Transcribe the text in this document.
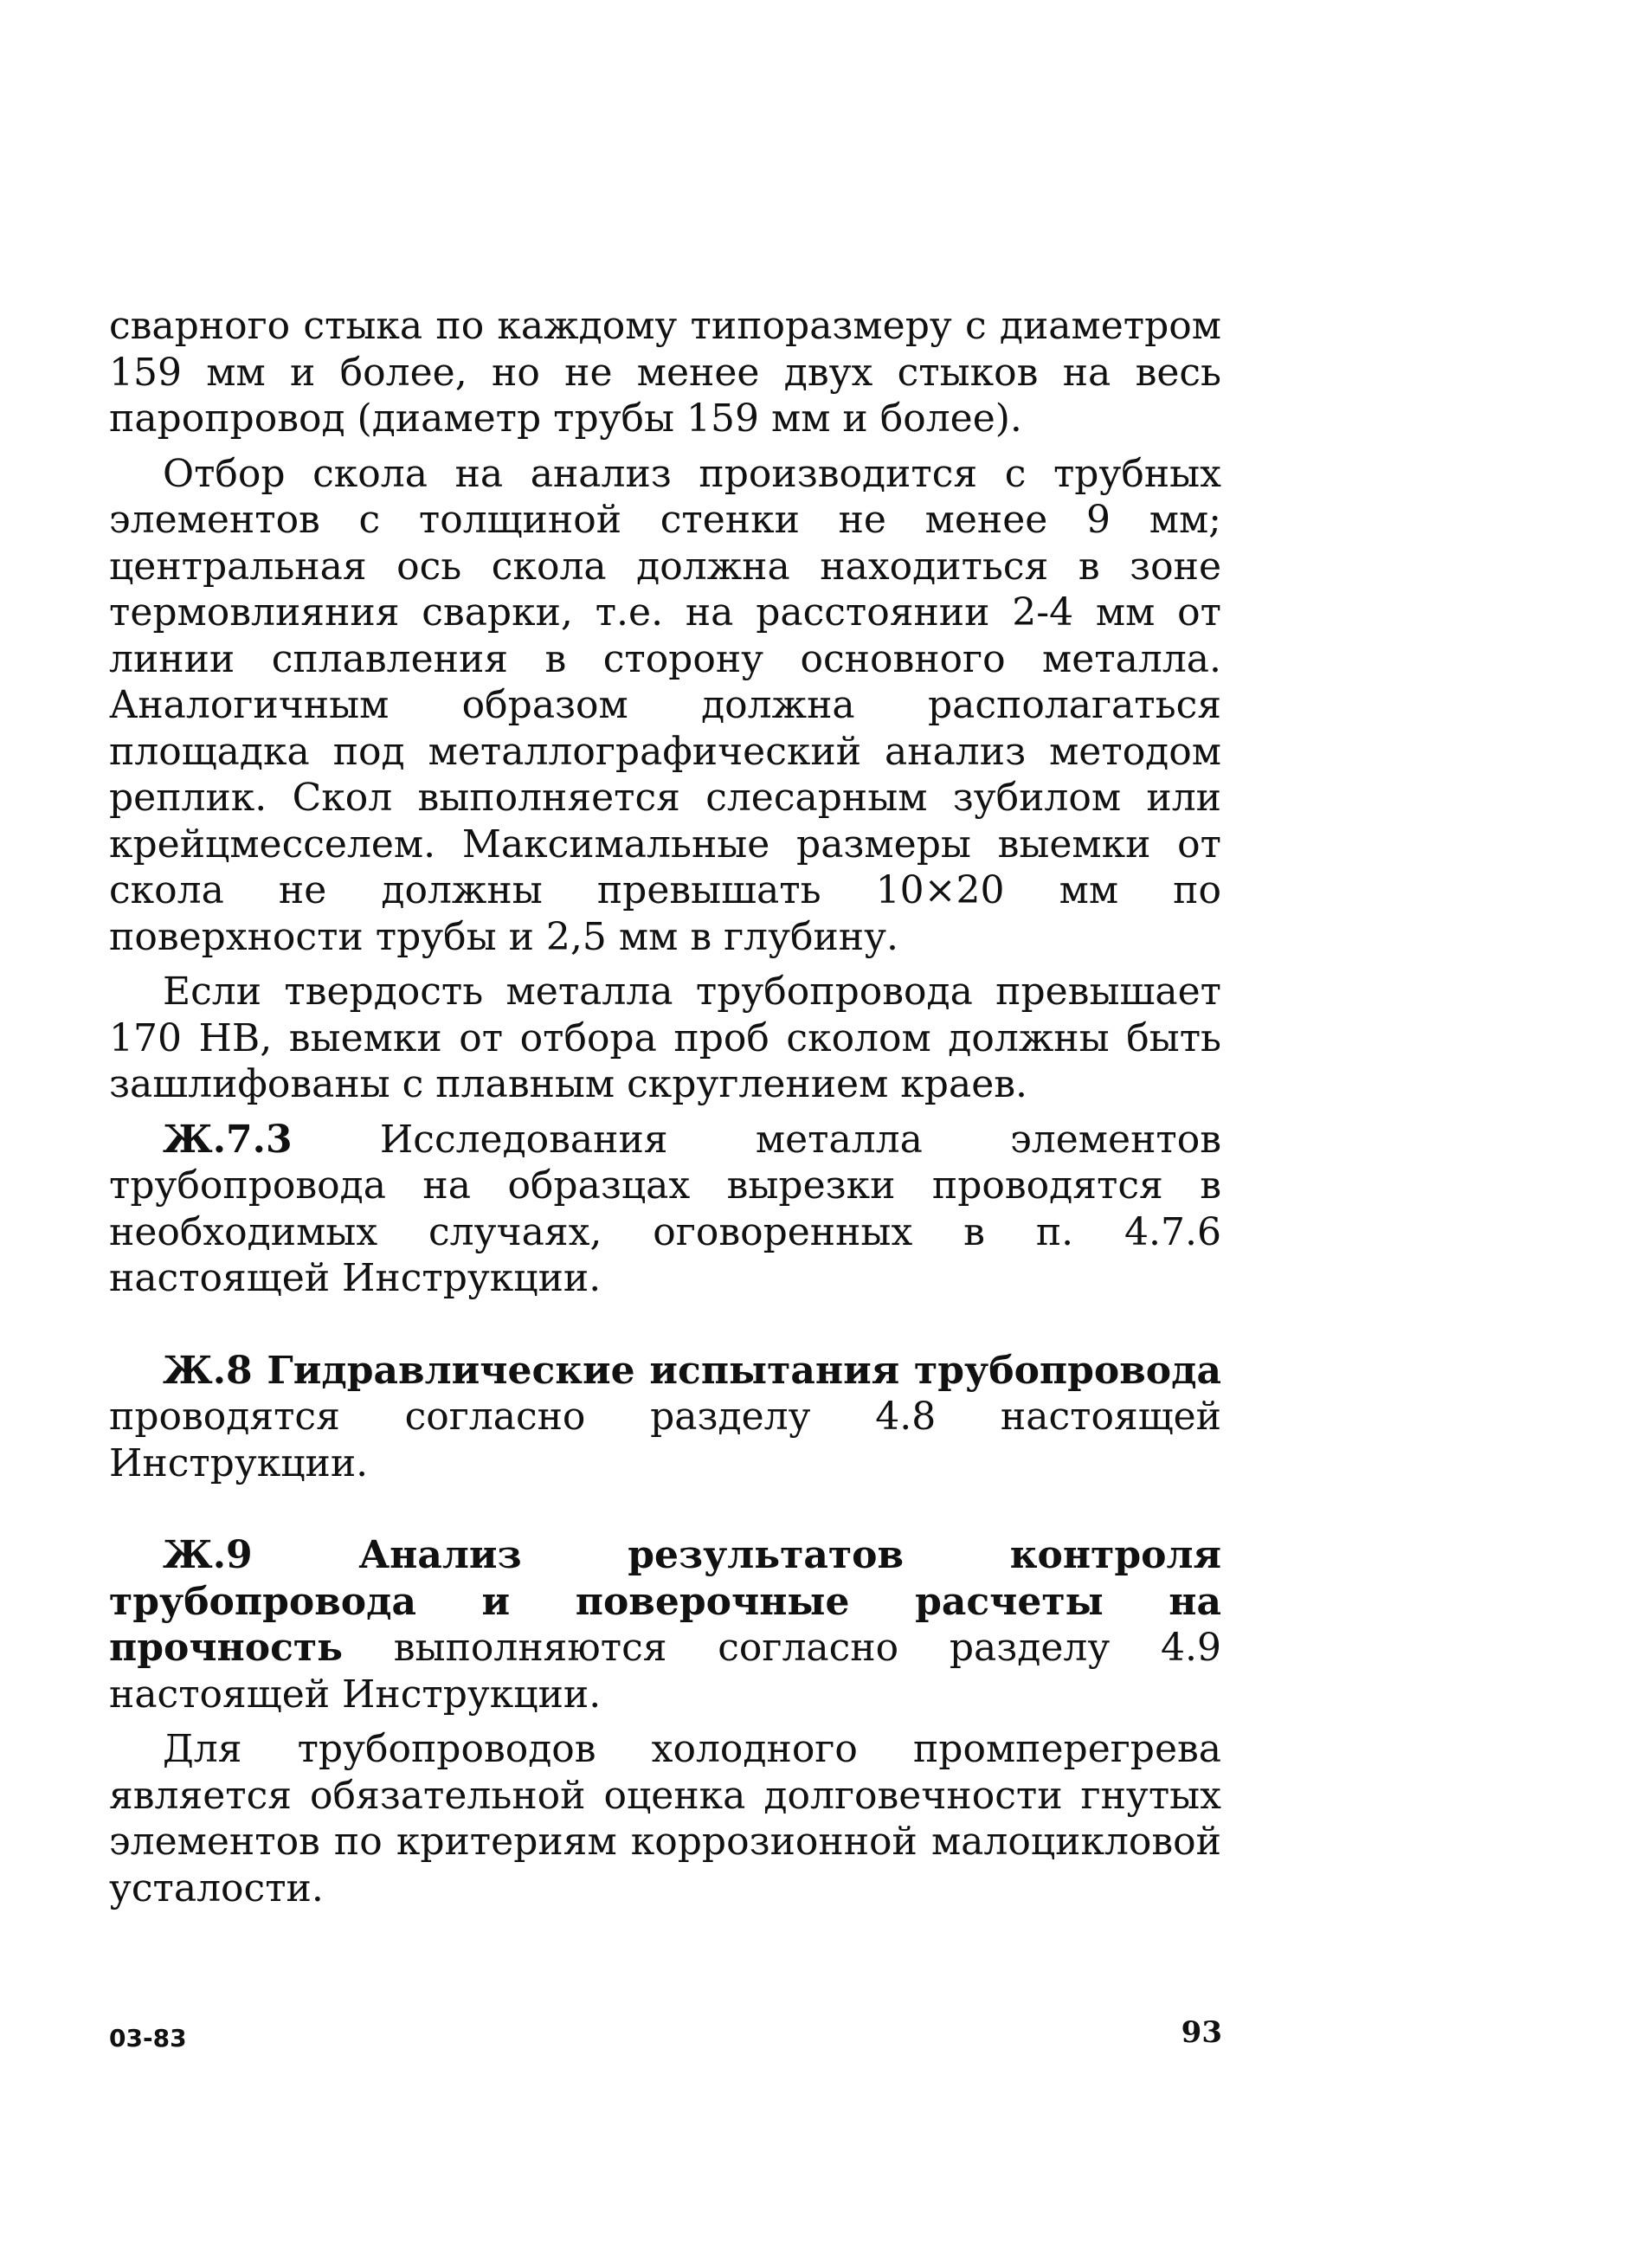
сварного стыка по каждому типоразмеру с диаметром 159 мм и более, но не менее двух стыков на весь паропровод (диаметр трубы 159 мм и более).

Отбор скола на анализ производится с трубных элементов с толщиной стенки не менее 9 мм; центральная ось скола должна находиться в зоне термовлияния сварки, т.е. на расстоянии 2-4 мм от линии сплавления в сторону основного металла. Аналогичным образом должна располагаться площадка под металлографический анализ методом реплик. Скол выполняется слесарным зубилом или крейцмесселем. Максимальные размеры выемки от скола не должны превышать 10×20 мм по поверхности трубы и 2,5 мм в глубину.

Если твердость металла трубопровода превышает 170 НВ, выемки от отбора проб сколом должны быть зашлифованы с плавным скруглением краев.

Ж.7.3 Исследования металла элементов трубопровода на образцах вырезки проводятся в необходимых случаях, оговоренных в п. 4.7.6 настоящей Инструкции.

Ж.8 Гидравлические испытания трубопровода проводятся согласно разделу 4.8 настоящей Инструкции.

Ж.9 Анализ результатов контроля трубопровода и поверочные расчеты на прочность выполняются согласно разделу 4.9 настоящей Инструкции.

Для трубопроводов холодного промперегрева является обязательной оценка долговечности гнутых элементов по критериям коррозионной малоцикловой усталости.

03-83	93
